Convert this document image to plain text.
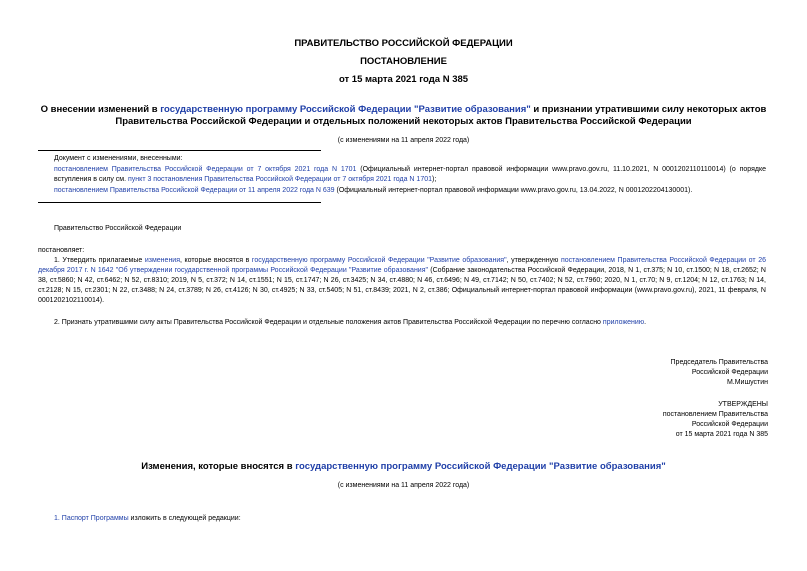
ПРАВИТЕЛЬСТВО РОССИЙСКОЙ ФЕДЕРАЦИИ
ПОСТАНОВЛЕНИЕ
от 15 марта 2021 года N 385
О внесении изменений в государственную программу Российской Федерации "Развитие образования" и признании утратившими силу некоторых актов
Правительства Российской Федерации и отдельных положений некоторых актов Правительства Российской Федерации
(с изменениями на 11 апреля 2022 года)

Документ с изменениями, внесенными:

постановлением Правительства Российской Федерации от 7 октября 2021 года N 1701 (Официальный интернет-портал правовой информации www.pravo.gov.ru, 11.10.2021, N 0001202110110014) (о порядке вступления в силу см. пункт 3 постановления Правительства Российской Федерации от 7 октября 2021 года N 1701);

постановлением Правительства Российской Федерации от 11 апреля 2022 года N 639 (Официальный интернет-портал правовой информации www.pravo.gov.ru, 13.04.2022, N 0001202204130001).

Правительство Российской Федерации
постановляет:
1. Утвердить прилагаемые изменения, которые вносятся в государственную программу Российской Федерации "Развитие образования", утвержденную постановлением Правительства Российской Федерации от 26 декабря 2017 г. N 1642 "Об утверждении государственной программы Российской Федерации "Развитие образования" (Собрание законодательства Российской Федерации, 2018, N 1, ст.375; N 10, ст.1500; N 18, ст.2652; N 38, ст.5860; N 42, ст.6462; N 52, ст.8310; 2019, N 5, ст.372; N 14, ст.1551; N 15, ст.1747; N 26, ст.3425; N 34, ст.4880; N 46, ст.6496; N 49, ст.7142; N 50, ст.7402; N 52, ст.7960; 2020, N 1, ст.70; N 9, ст.1204; N 12, ст.1763; N 14, ст.2128; N 15, ст.2301; N 22, ст.3488; N 24, ст.3789; N 26, ст.4126; N 30, ст.4925; N 33, ст.5405; N 51, ст.8439; 2021, N 2, ст.386; Официальный интернет-портал правовой информации (www.pravo.gov.ru), 2021, 11 февраля, N 0001202102110014).
2. Признать утратившими силу акты Правительства Российской Федерации и отдельные положения актов Правительства Российской Федерации по перечню согласно приложению.

Председатель Правительства

Российской Федерации

М.Мишустин

УТВЕРЖДЕНЫ

постановлением Правительства

Российской Федерации

от 15 марта 2021 года N 385

Изменения, которые вносятся в государственную программу Российской Федерации "Развитие образования"
(с изменениями на 11 апреля 2022 года)
1. Паспорт Программы изложить в следующей редакции:
